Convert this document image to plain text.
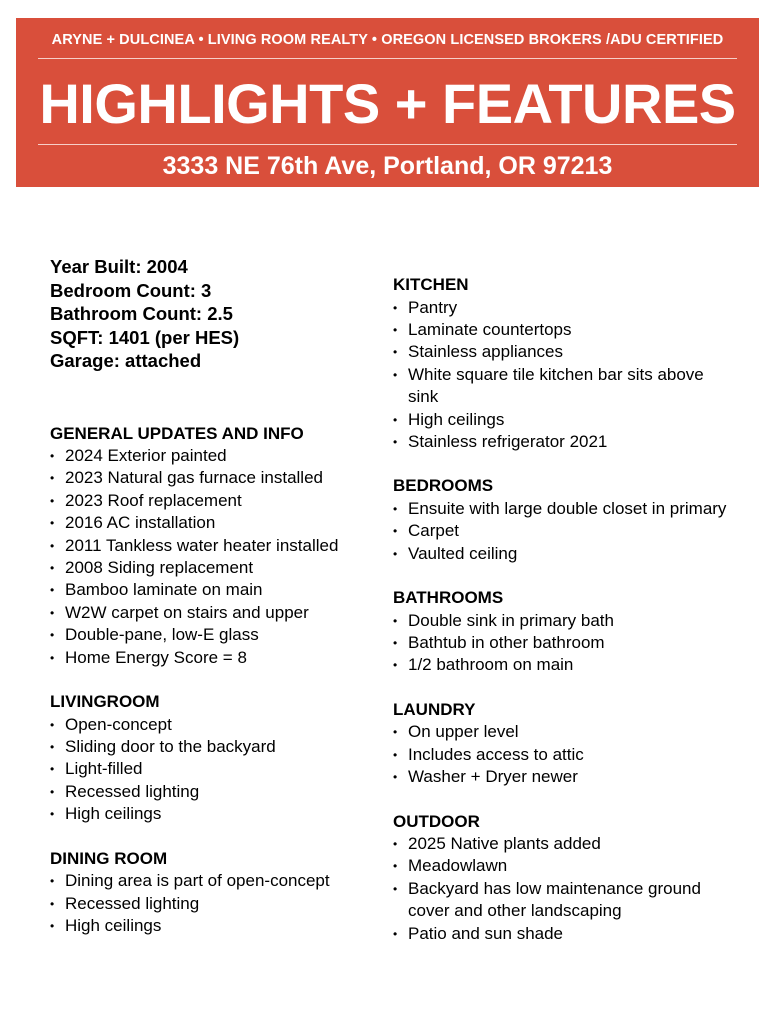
ARYNE + DULCINEA • LIVING ROOM REALTY • OREGON LICENSED BROKERS /ADU CERTIFIED
HIGHLIGHTS + FEATURES
3333 NE 76th Ave, Portland, OR 97213
Year Built: 2004
Bedroom Count: 3
Bathroom Count: 2.5
SQFT: 1401 (per HES)
Garage: attached
GENERAL UPDATES AND INFO
• 2024 Exterior painted
• 2023 Natural gas furnace installed
• 2023 Roof replacement
• 2016 AC installation
• 2011 Tankless water heater installed
• 2008 Siding replacement
• Bamboo laminate on main
• W2W carpet on stairs and upper
• Double-pane, low-E glass
• Home Energy Score = 8
LIVINGROOM
• Open-concept
• Sliding door to the backyard
• Light-filled
• Recessed lighting
• High ceilings
DINING ROOM
• Dining area is part of open-concept
• Recessed lighting
• High ceilings
KITCHEN
• Pantry
• Laminate countertops
• Stainless appliances
• White square tile kitchen bar sits above sink
• High ceilings
• Stainless refrigerator 2021
BEDROOMS
• Ensuite with large double closet in primary
• Carpet
• Vaulted ceiling
BATHROOMS
• Double sink in primary bath
• Bathtub in other bathroom
• 1/2 bathroom on main
LAUNDRY
• On upper level
• Includes access to attic
• Washer + Dryer newer
OUTDOOR
• 2025 Native plants added
• Meadowlawn
• Backyard has low maintenance ground cover and other landscaping
• Patio and sun shade
